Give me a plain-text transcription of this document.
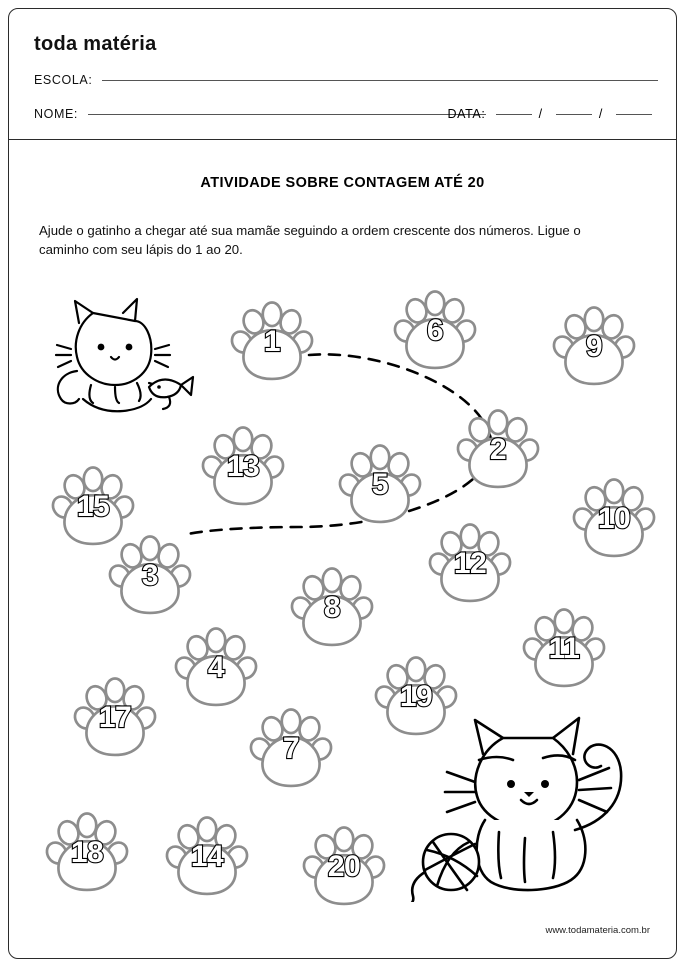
toda matéria
ESCOLA:
NOME:	DATA:	/	/
ATIVIDADE SOBRE CONTAGEM ATÉ 20
Ajude o gatinho a chegar até sua mamãe seguindo a ordem crescente dos números. Ligue o caminho com seu lápis do 1 ao 20.
1	6	9
13
5
2
15	10
3	12
8
4
11
17
19
7
18	14	20
www.todamateria.com.br
